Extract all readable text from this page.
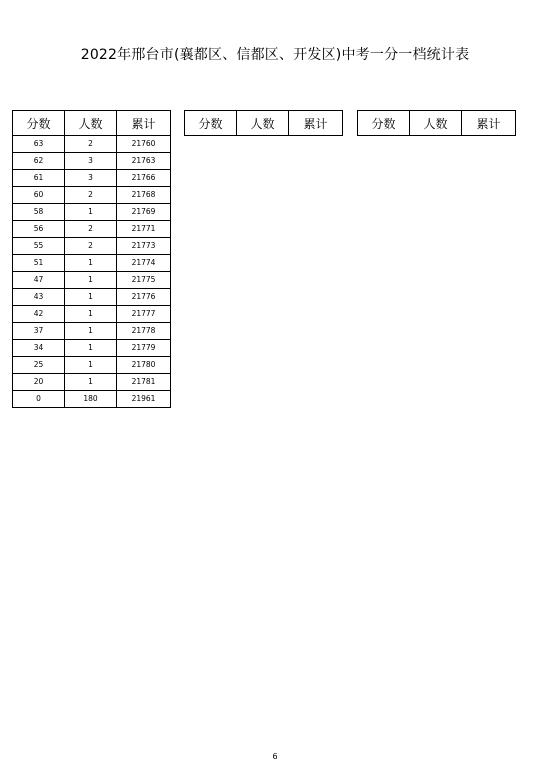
2022年邢台市(襄都区、信都区、开发区)中考一分一档统计表
分数	人数	累计
63	2	21760
62	3	21763
61	3	21766
60	2	21768
58	1	21769
56	2	21771
55	2	21773
51	1	21774
47	1	21775
43	1	21776
42	1	21777
37	1	21778
34	1	21779
25	1	21780
20	1	21781
0	180	21961
分数	人数	累计	分数	人数	累计
6
